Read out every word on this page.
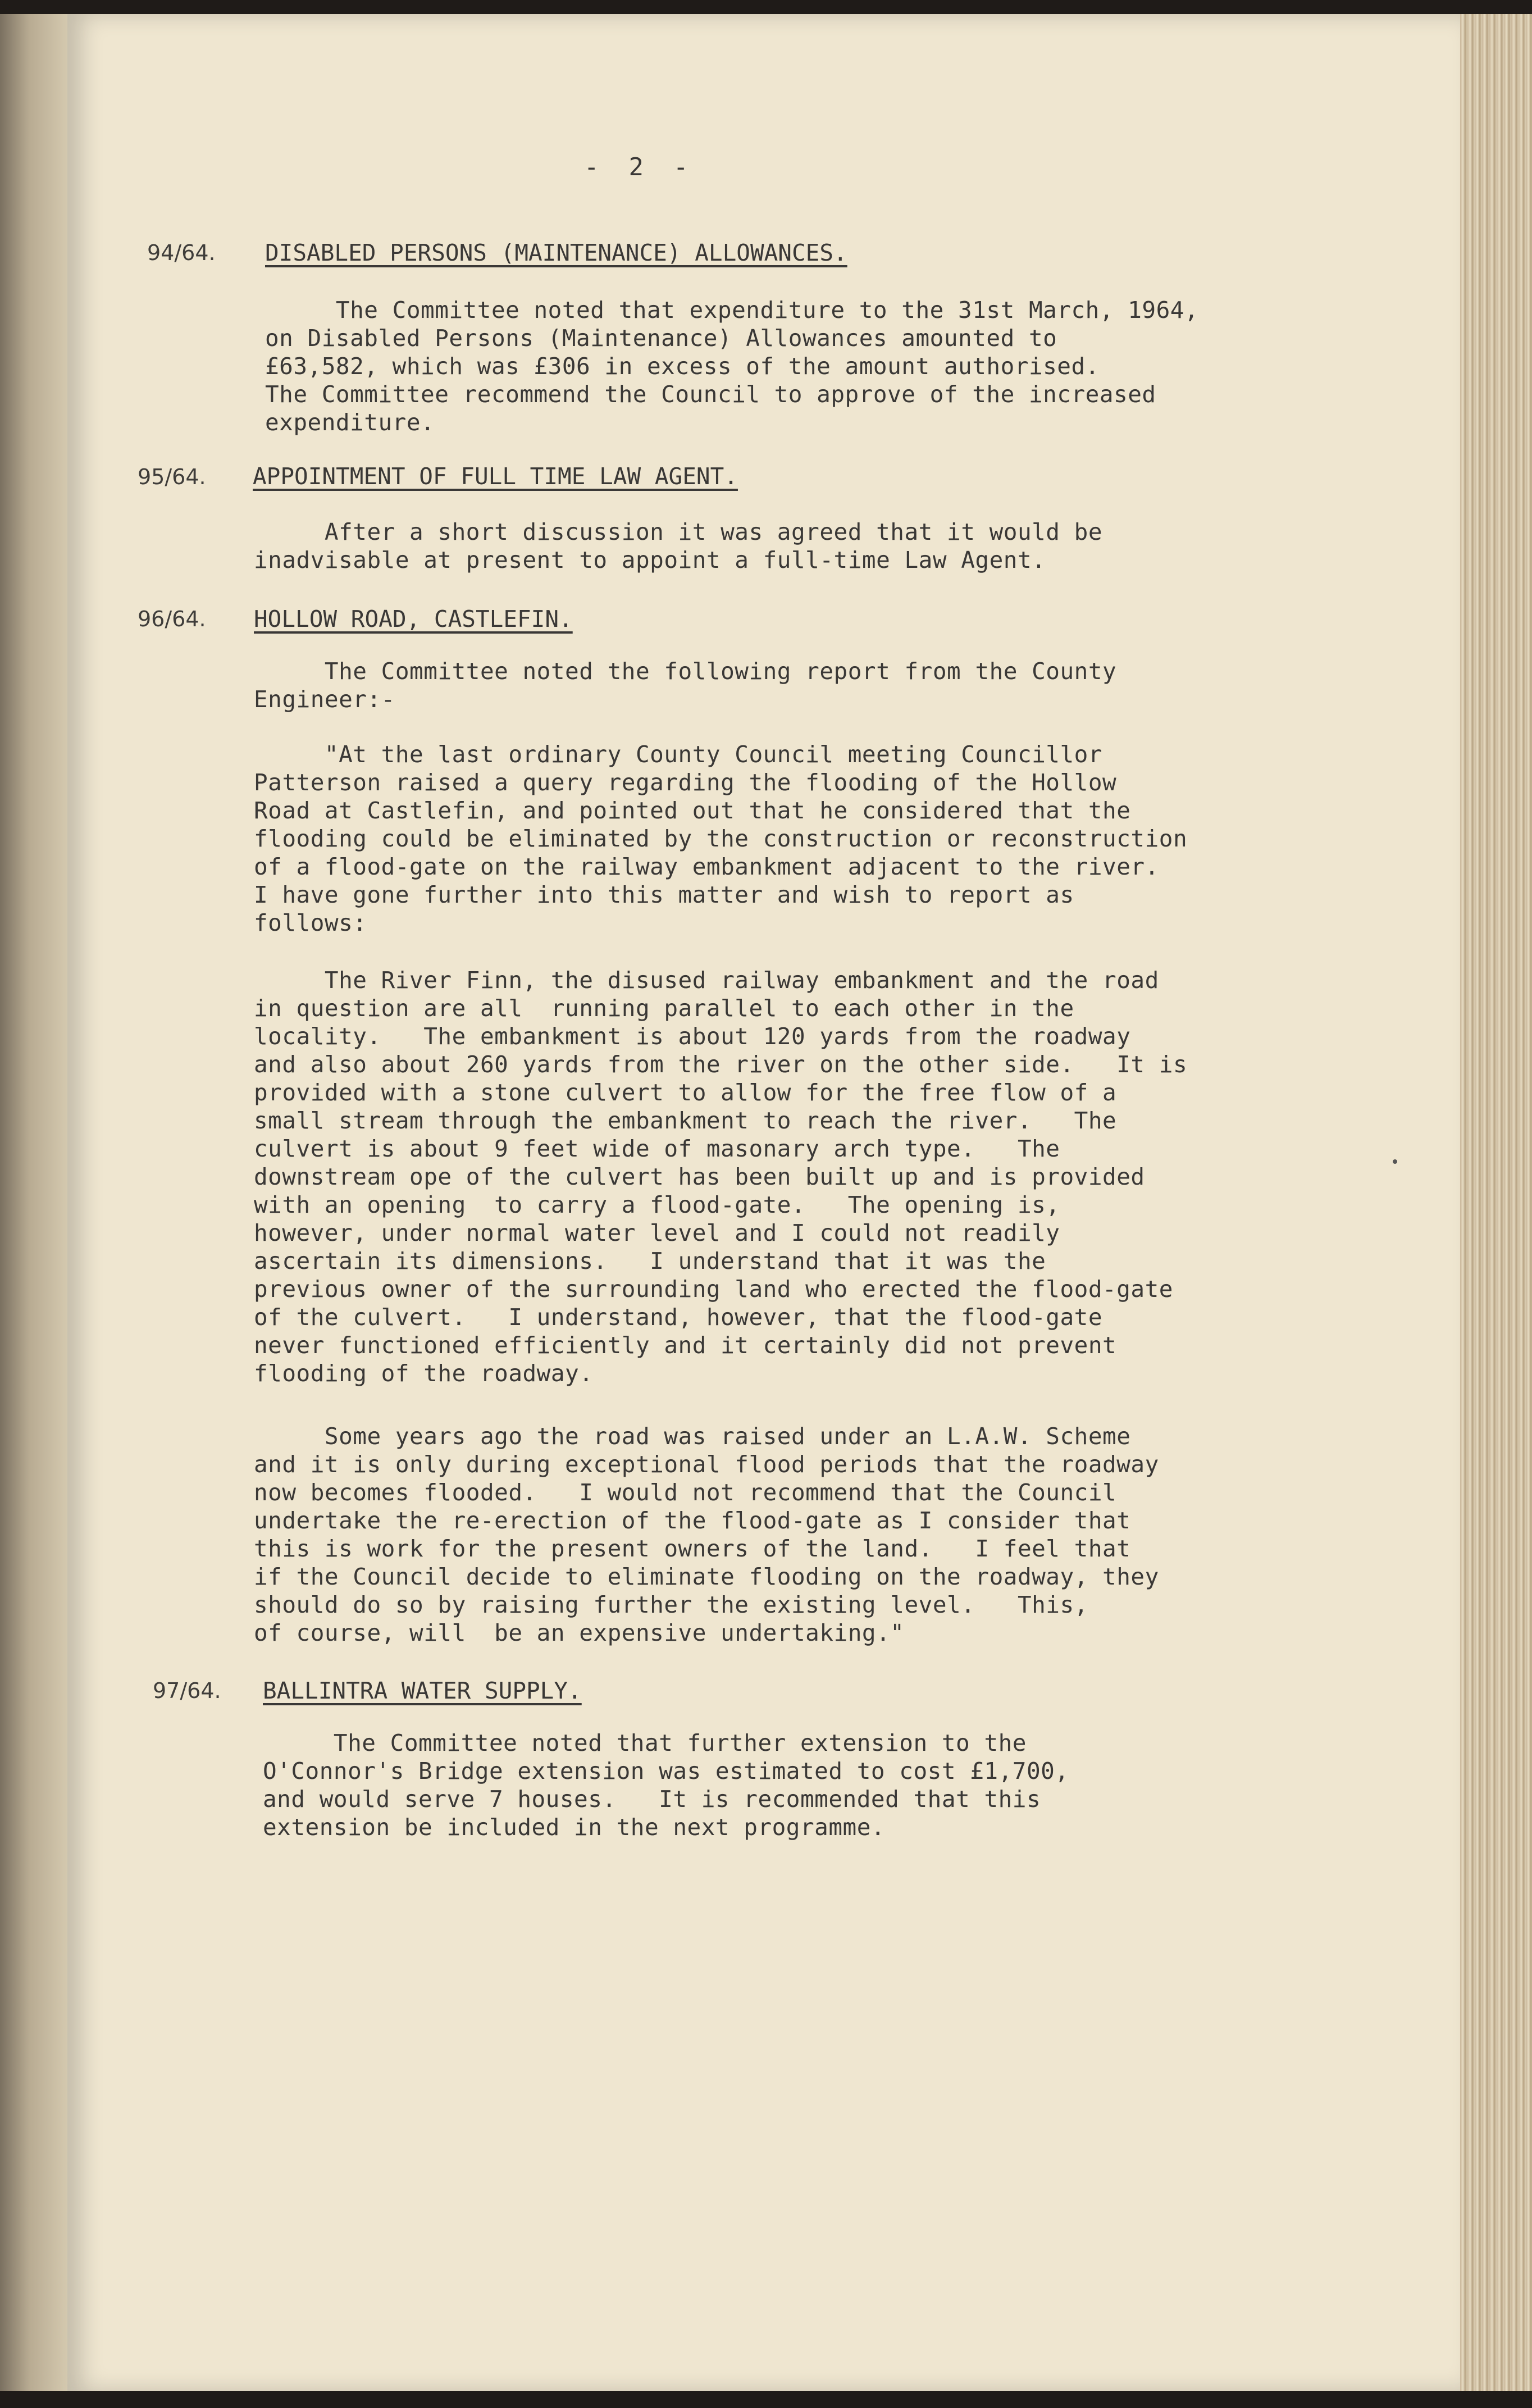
-  2  -
94/64. DISABLED PERSONS (MAINTENANCE) ALLOWANCES.
The Committee noted that expenditure to the 31st March, 1964,
on Disabled Persons (Maintenance) Allowances amounted to
£63,582, which was £306 in excess of the amount authorised.
The Committee recommend the Council to approve of the increased
expenditure.
95/64. APPOINTMENT OF FULL TIME LAW AGENT.
After a short discussion it was agreed that it would be
inadvisable at present to appoint a full-time Law Agent.
96/64. HOLLOW ROAD, CASTLEFIN.
The Committee noted the following report from the County
Engineer:-
"At the last ordinary County Council meeting Councillor
Patterson raised a query regarding the flooding of the Hollow
Road at Castlefin, and pointed out that he considered that the
flooding could be eliminated by the construction or reconstruction
of a flood-gate on the railway embankment adjacent to the river.
I have gone further into this matter and wish to report as
follows:
The River Finn, the disused railway embankment and the road
in question are all  running parallel to each other in the
locality.   The embankment is about 120 yards from the roadway
and also about 260 yards from the river on the other side.   It is
provided with a stone culvert to allow for the free flow of a
small stream through the embankment to reach the river.   The
culvert is about 9 feet wide of masonary arch type.   The
downstream ope of the culvert has been built up and is provided
with an opening  to carry a flood-gate.   The opening is,
however, under normal water level and I could not readily
ascertain its dimensions.   I understand that it was the
previous owner of the surrounding land who erected the flood-gate
of the culvert.   I understand, however, that the flood-gate
never functioned efficiently and it certainly did not prevent
flooding of the roadway.
Some years ago the road was raised under an L.A.W. Scheme
and it is only during exceptional flood periods that the roadway
now becomes flooded.   I would not recommend that the Council
undertake the re-erection of the flood-gate as I consider that
this is work for the present owners of the land.   I feel that
if the Council decide to eliminate flooding on the roadway, they
should do so by raising further the existing level.   This,
of course, will  be an expensive undertaking."
97/64. BALLINTRA WATER SUPPLY.
The Committee noted that further extension to the
O'Connor's Bridge extension was estimated to cost £1,700,
and would serve 7 houses.   It is recommended that this
extension be included in the next programme.
